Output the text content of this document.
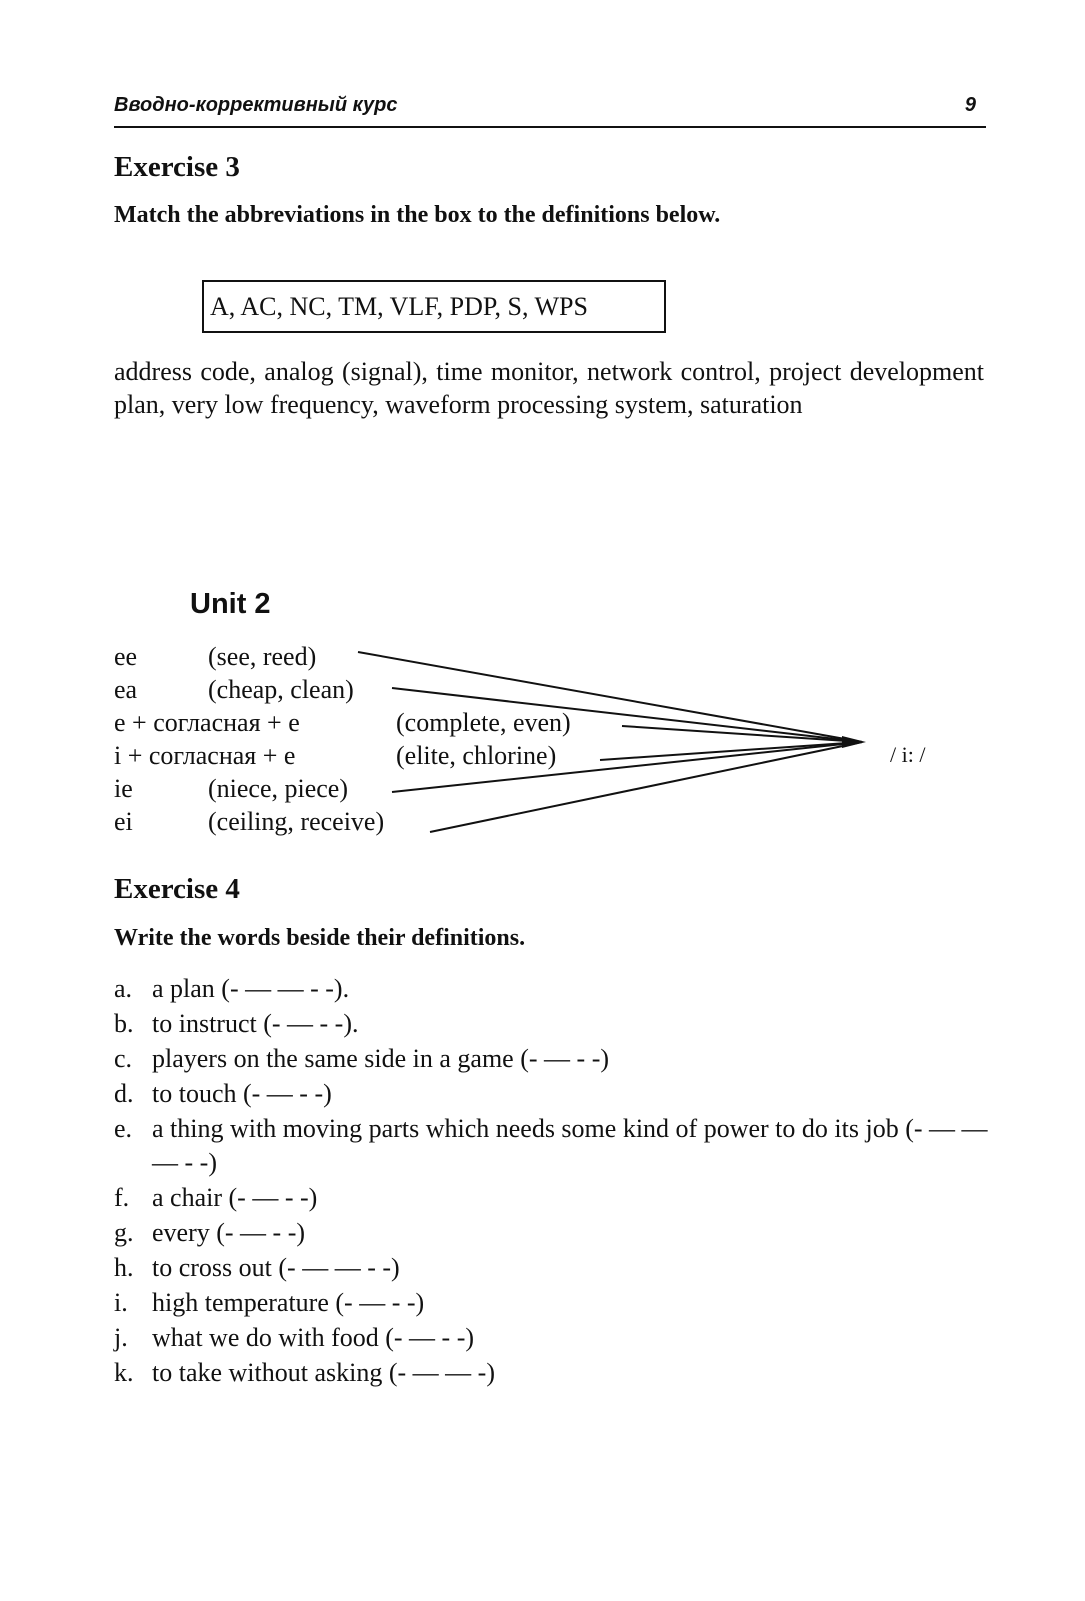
Вводно-коррективный курс	9
Exercise 3
Match the abbreviations in the box to the definitions below.
A, AC, NC, TM, VLF, PDP, S, WPS
address code, analog (signal), time monitor, network control, project development plan, very low frequency, waveform processing system, saturation
Unit 2
ee	(see, reed)
ea	(cheap, clean)
e + согласная + e	(complete, even)
i + согласная + e	(elite, chlorine)
ie	(niece, piece)
ei	(ceiling, receive)
/ i: /
Exercise 4
Write the words beside their definitions.
a. a plan (- — — - -).
b. to instruct (- — - -).
c. players on the same side in a game (- — - -)
d. to touch (- — - -)
e. a thing with moving parts which needs some kind of power to do its job (- — — — - -)
f. a chair (- — - -)
g. every (- — - -)
h. to cross out (- — — - -)
i. high temperature (- — - -)
j. what we do with food (- — - -)
k. to take without asking (- — — -)
